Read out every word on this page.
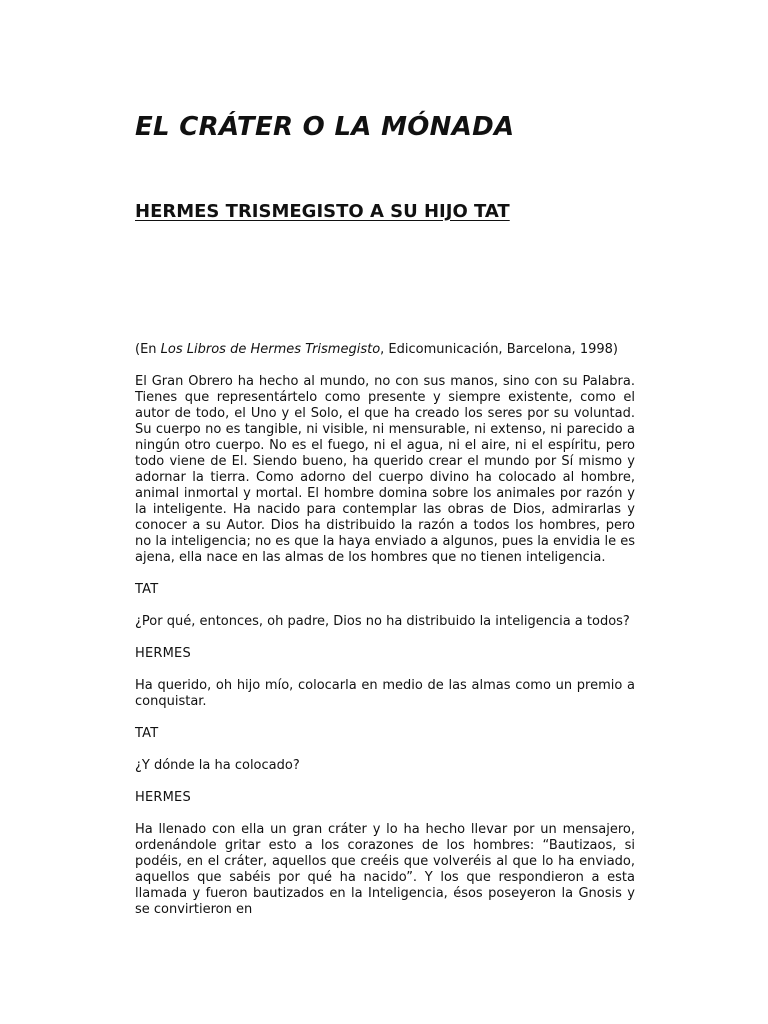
EL CRÁTER O LA MÓNADA
HERMES TRISMEGISTO A SU HIJO TAT

(En Los Libros de Hermes Trismegisto, Edicomunicación, Barcelona, 1998)

El Gran Obrero ha hecho al mundo, no con sus manos, sino con su Palabra. Tienes que representártelo como presente y siempre existente, como el autor de todo, el Uno y el Solo, el que ha creado los seres por su voluntad. Su cuerpo no es tangible, ni visible, ni mensurable, ni extenso, ni parecido a ningún otro cuerpo. No es el fuego, ni el agua, ni el aire, ni el espíritu, pero todo viene de El. Siendo bueno, ha querido crear el mundo por Sí mismo y adornar la tierra. Como adorno del cuerpo divino ha colocado al hombre, animal inmortal y mortal. El hombre domina sobre los animales por razón y la inteligente. Ha nacido para contemplar las obras de Dios, admirarlas y conocer a su Autor. Dios ha distribuido la razón a todos los hombres, pero no la inteligencia; no es que la haya enviado a algunos, pues la envidia le es ajena, ella nace en las almas de los hombres que no tienen inteligencia.

TAT

¿Por qué, entonces, oh padre, Dios no ha distribuido la inteligencia a todos?

HERMES

Ha querido, oh hijo mío, colocarla en medio de las almas como un premio a conquistar.

TAT

¿Y dónde la ha colocado?

HERMES

Ha llenado con ella un gran cráter y lo ha hecho llevar por un mensajero, ordenándole gritar esto a los corazones de los hombres: “Bautizaos, si podéis, en el cráter, aquellos que creéis que volveréis al que lo ha enviado, aquellos que sabéis por qué ha nacido”. Y los que respondieron a esta llamada y fueron bautizados en la Inteligencia, ésos poseyeron la Gnosis y se convirtieron en
